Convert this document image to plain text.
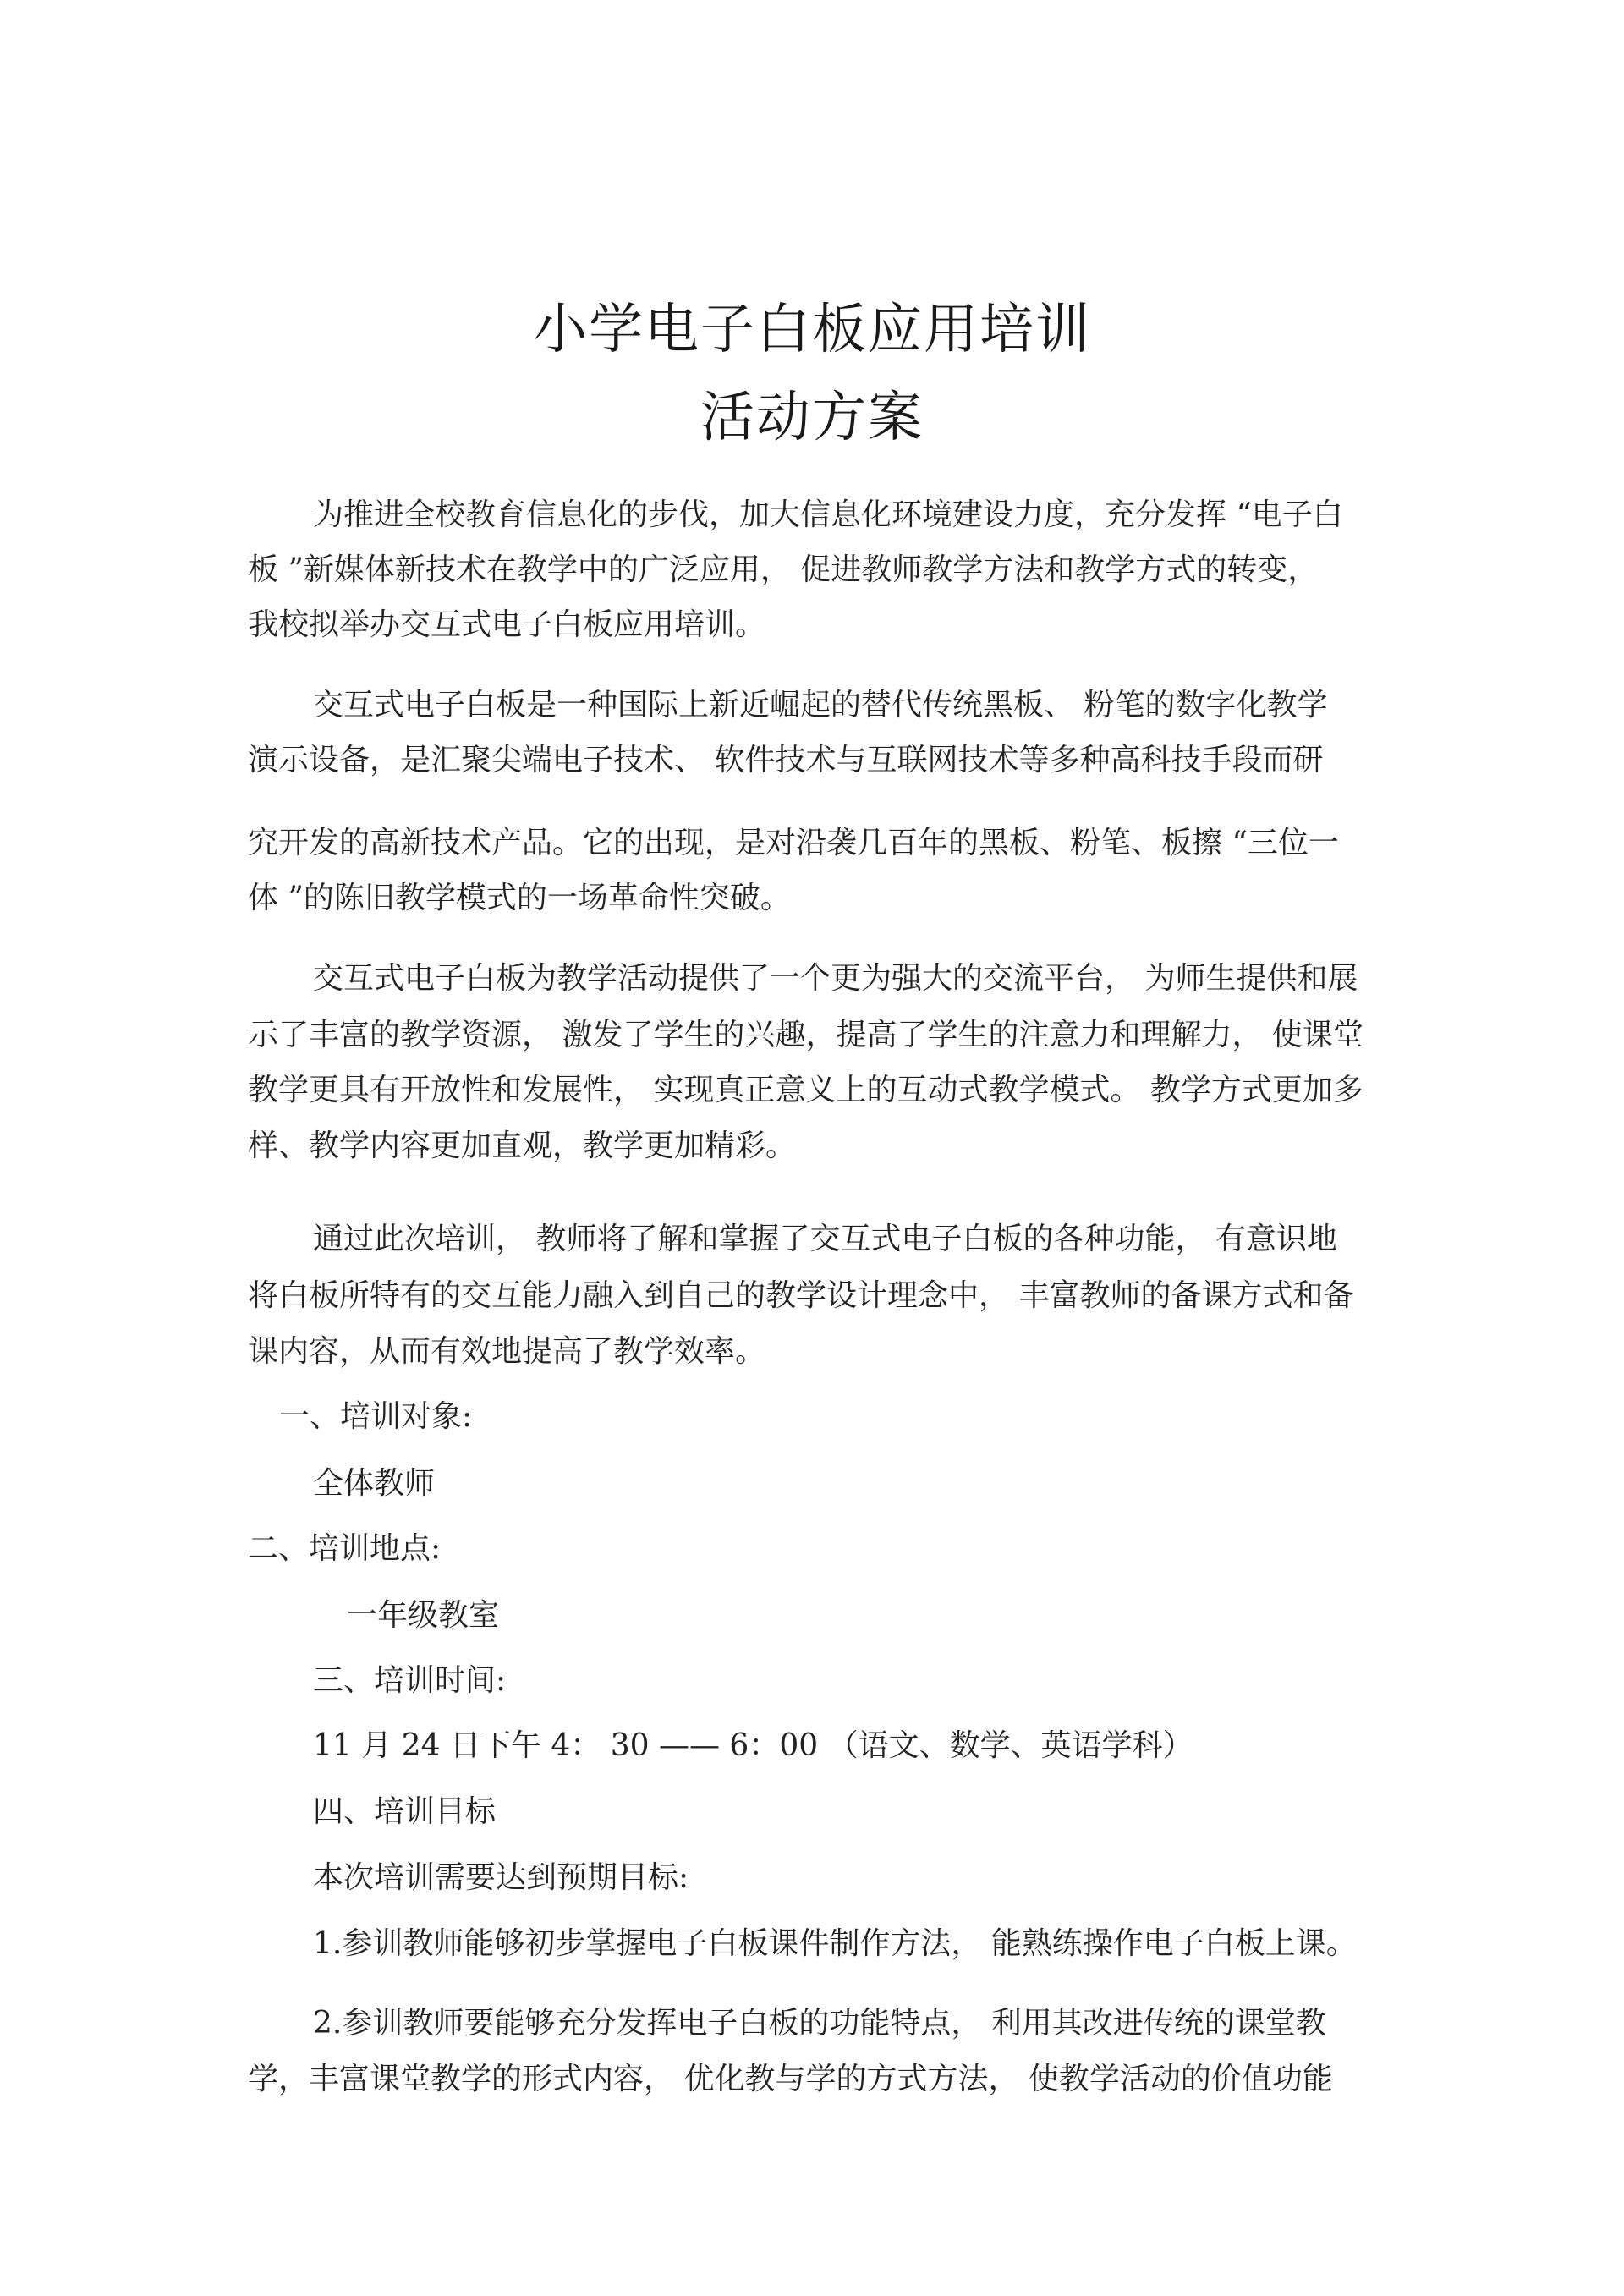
小学电子白板应用培训
活动方案
为推进全校教育信息化的步伐，加大信息化环境建设力度，充分发挥 “电子白
板 ”新媒体新技术在教学中的广泛应用， 促进教师教学方法和教学方式的转变，
我校拟举办交互式电子白板应用培训。
交互式电子白板是一种国际上新近崛起的替代传统黑板、 粉笔的数字化教学
演示设备，是汇聚尖端电子技术、 软件技术与互联网技术等多种高科技手段而研
究开发的高新技术产品。它的出现，是对沿袭几百年的黑板、粉笔、板擦 “三位一
体 ”的陈旧教学模式的一场革命性突破。
交互式电子白板为教学活动提供了一个更为强大的交流平台， 为师生提供和展
示了丰富的教学资源， 激发了学生的兴趣，提高了学生的注意力和理解力， 使课堂
教学更具有开放性和发展性， 实现真正意义上的互动式教学模式。 教学方式更加多
样、教学内容更加直观，教学更加精彩。
通过此次培训， 教师将了解和掌握了交互式电子白板的各种功能， 有意识地
将白板所特有的交互能力融入到自己的教学设计理念中， 丰富教师的备课方式和备
课内容，从而有效地提高了教学效率。
一、培训对象:
全体教师
二、培训地点:
一年级教室
三、培训时间:
11 月 24 日下午 4： 30 —— 6：00 （语文、数学、英语学科）
四、培训目标
本次培训需要达到预期目标:
1.参训教师能够初步掌握电子白板课件制作方法， 能熟练操作电子白板上课。
2.参训教师要能够充分发挥电子白板的功能特点， 利用其改进传统的课堂教
学，丰富课堂教学的形式内容， 优化教与学的方式方法， 使教学活动的价值功能
